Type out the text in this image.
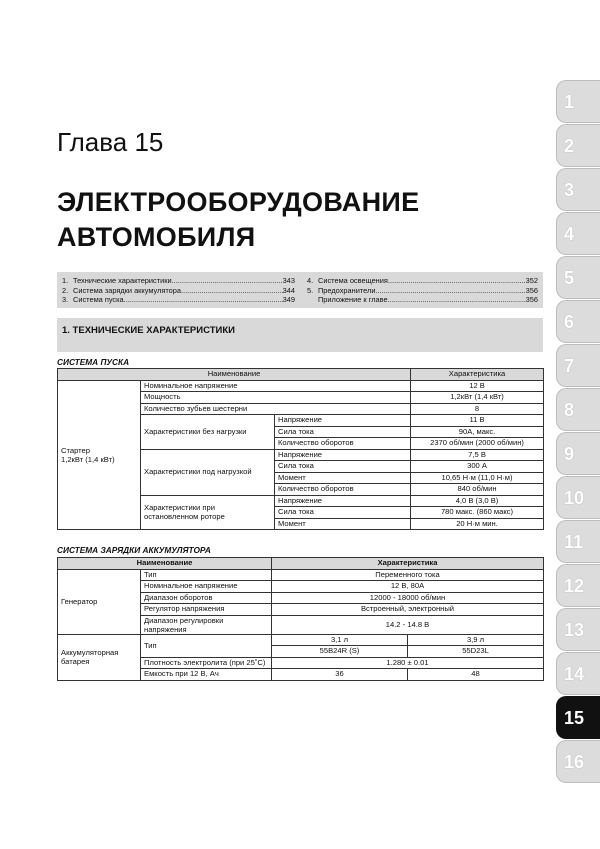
Глава 15
ЭЛЕКТРООБОРУДОВАНИЕ
АВТОМОБИЛЯ
1. Технические характеристики .....	343
2. Система зарядки аккумулятора .....	344
3. Система пуска .....	349
4. Система освещения .....	352
5. Предохранители .....	356
Приложение к главе .....	356
1. ТЕХНИЧЕСКИЕ ХАРАКТЕРИСТИКИ
СИСТЕМА ПУСКА
Наименование			Характеристика
Стартер
1,2кВт (1,4 кВт)	Номинальное напряжение		12 В
	Мощность		1,2кВт (1,4 кВт)
	Количество зубьев шестерни		8
	Характеристики без нагрузки	Напряжение	11 В
		Сила тока	90А, макс.
		Количество оборотов	2370 об/мин (2000 об/мин)
	Характеристики под нагрузкой	Напряжение	7,5 В
		Сила тока	300 А
		Момент	10,65 Н·м (11,0 Н·м)
		Количество оборотов	840 об/мин
	Характеристики при остановленном роторе	Напряжение	4,0 В (3,0 В)
		Сила тока	780 макс. (860 макс)
		Момент	20 Н·м мин.
СИСТЕМА ЗАРЯДКИ АККУМУЛЯТОРА
Наименование		Характеристика	
Генератор	Тип	Переменного тока	
	Номинальное напряжение	12 В, 80А	
	Диапазон оборотов	12000 - 18000 об/мин	
	Регулятор напряжения	Встроенный, электронный	
	Диапазон регулировки напряжения	14.2 - 14.8 В	

Аккумуляторная батарея	Тип	3,1 л	3,9 л
		55B24R (S)	55D23L
	Плотность электролита (при 25˚С)	1.280 ± 0.01	

	Емкость при 12 В, Ач	36	48
1
2
3
4
5
6
7
8
9
10
11
12
13
14
15
16
